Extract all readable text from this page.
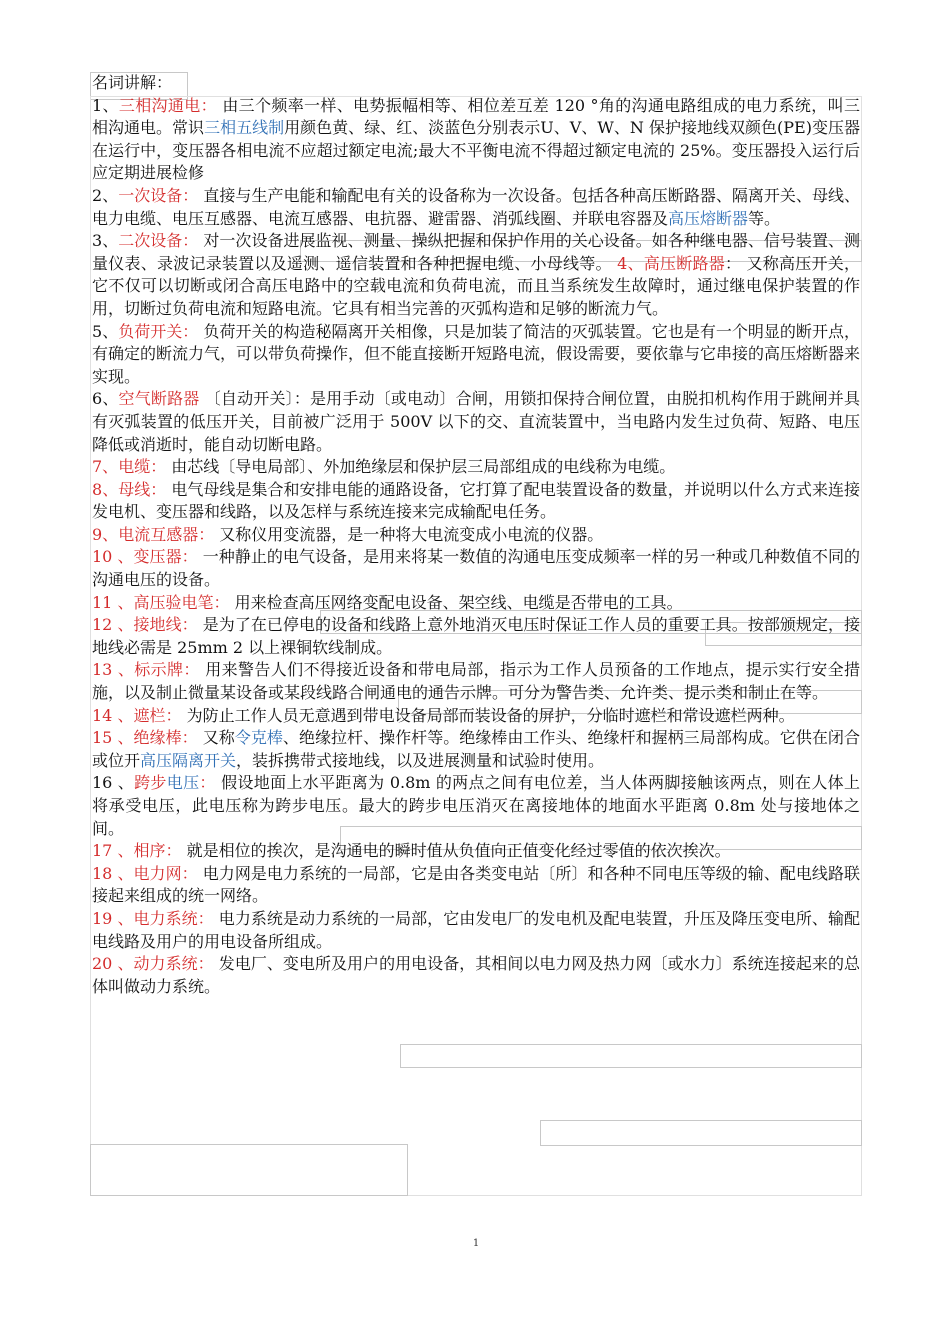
名词讲解：
1、三相沟通电： 由三个频率一样、电势振幅相等、相位差互差 120 °角的沟通电路组成的电力系统，叫三相沟通电。常识三相五线制用颜色黄、绿、红、淡蓝色分别表示U、V、W、N 保护接地线双颜色(PE)变压器在运行中，变压器各相电流不应超过额定电流;最大不平衡电流不得超过额定电流的 25%。变压器投入运行后应定期进展检修
2、一次设备： 直接与生产电能和输配电有关的设备称为一次设备。包括各种高压断路器、隔离开关、母线、电力电缆、电压互感器、电流互感器、电抗器、避雷器、消弧线圈、并联电容器及高压熔断器等。
3、二次设备： 对一次设备进展监视、测量、操纵把握和保护作用的关心设备。如各种继电器、信号装置、测量仪表、录波记录装置以及遥测、遥信装置和各种把握电缆、小母线等。 4、高压断路器： 又称高压开关，它不仅可以切断或闭合高压电路中的空载电流和负荷电流，而且当系统发生故障时，通过继电保护装置的作用，切断过负荷电流和短路电流。它具有相当完善的灭弧构造和足够的断流力气。
5、负荷开关： 负荷开关的构造秘隔离开关相像，只是加装了简洁的灭弧装置。它也是有一个明显的断开点，有确定的断流力气，可以带负荷操作，但不能直接断开短路电流，假设需要，要依靠与它串接的高压熔断器来实现。
6、空气断路器 〔自动开关〕：是用手动〔或电动〕合闸，用锁扣保持合闸位置，由脱扣机构作用于跳闸并具有灭弧装置的低压开关，目前被广泛用于 500V 以下的交、直流装置中，当电路内发生过负荷、短路、电压降低或消逝时，能自动切断电路。
7、电缆： 由芯线〔导电局部〕、外加绝缘层和保护层三局部组成的电线称为电缆。
8、母线： 电气母线是集合和安排电能的通路设备，它打算了配电装置设备的数量，并说明以什么方式来连接发电机、变压器和线路，以及怎样与系统连接来完成输配电任务。
9、电流互感器： 又称仪用变流器，是一种将大电流变成小电流的仪器。
10 、变压器： 一种静止的电气设备，是用来将某一数值的沟通电压变成频率一样的另一种或几种数值不同的沟通电压的设备。
11 、高压验电笔： 用来检查高压网络变配电设备、架空线、电缆是否带电的工具。
12 、接地线： 是为了在已停电的设备和线路上意外地消灭电压时保证工作人员的重要工具。按部颁规定，接地线必需是 25mm 2 以上裸铜软线制成。
13 、标示牌： 用来警告人们不得接近设备和带电局部，指示为工作人员预备的工作地点，提示实行安全措施，以及制止微量某设备或某段线路合闸通电的通告示牌。可分为警告类、允许类、提示类和制止在等。
14 、遮栏： 为防止工作人员无意遇到带电设备局部而装设备的屏护，分临时遮栏和常设遮栏两种。
15 、绝缘棒： 又称令克棒、绝缘拉杆、操作杆等。绝缘棒由工作头、绝缘杆和握柄三局部构成。它供在闭合或位开高压隔离开关，装拆携带式接地线，以及进展测量和试验时使用。
16 、跨步电压： 假设地面上水平距离为 0.8m 的两点之间有电位差，当人体两脚接触该两点，则在人体上将承受电压，此电压称为跨步电压。最大的跨步电压消灭在离接地体的地面水平距离 0.8m 处与接地体之间。
17 、相序： 就是相位的挨次，是沟通电的瞬时值从负值向正值变化经过零值的依次挨次。
18 、电力网： 电力网是电力系统的一局部，它是由各类变电站〔所〕和各种不同电压等级的输、配电线路联接起来组成的统一网络。
19 、电力系统： 电力系统是动力系统的一局部，它由发电厂的发电机及配电装置，升压及降压变电所、输配电线路及用户的用电设备所组成。
20 、动力系统： 发电厂、变电所及用户的用电设备，其相间以电力网及热力网〔或水力〕系统连接起来的总体叫做动力系统。
1
